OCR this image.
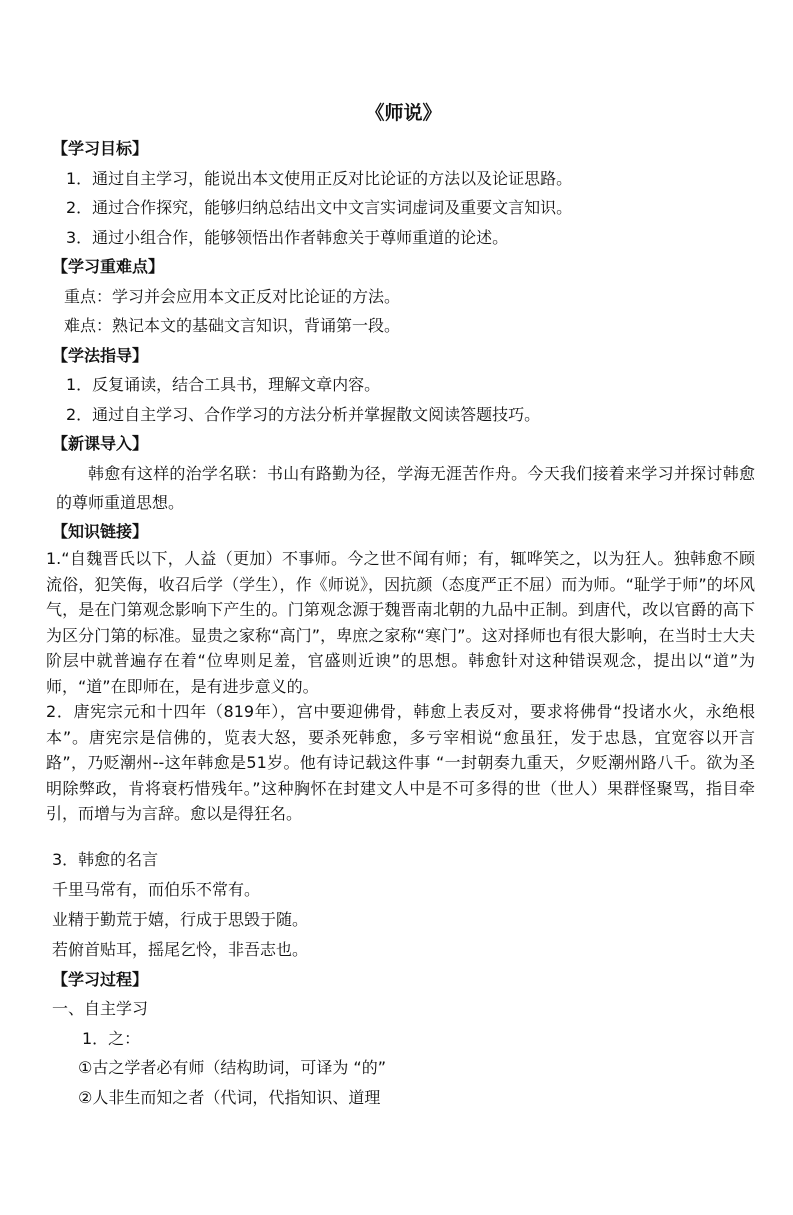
《师说》
【学习目标】
1．通过自主学习，能说出本文使用正反对比论证的方法以及论证思路。
2．通过合作探究，能够归纳总结出文中文言实词虚词及重要文言知识。
3．通过小组合作，能够领悟出作者韩愈关于尊师重道的论述。
【学习重难点】
重点：学习并会应用本文正反对比论证的方法。
难点：熟记本文的基础文言知识，背诵第一段。
【学法指导】
1．反复诵读，结合工具书，理解文章内容。
2．通过自主学习、合作学习的方法分析并掌握散文阅读答题技巧。
【新课导入】

韩愈有这样的治学名联：书山有路勤为径，学海无涯苦作舟。今天我们接着来学习并探讨韩愈的尊师重道思想。

【知识链接】

1.“自魏晋氏以下，人益（更加）不事师。今之世不闻有师；有，辄哗笑之，以为狂人。独韩愈不顾流俗，犯笑侮，收召后学（学生），作《师说》，因抗颜（态度严正不屈）而为师。“耻学于师”的坏风气，是在门第观念影响下产生的。门第观念源于魏晋南北朝的九品中正制。到唐代，改以官爵的高下为区分门第的标准。显贵之家称“高门”，卑庶之家称“寒门”。这对择师也有很大影响，在当时士大夫阶层中就普遍存在着“位卑则足羞，官盛则近谀”的思想。韩愈针对这种错误观念，提出以“道”为师，“道”在即师在，是有进步意义的。

2．唐宪宗元和十四年（819年），宫中要迎佛骨，韩愈上表反对，要求将佛骨“投诸水火，永绝根本”。唐宪宗是信佛的，览表大怒，要杀死韩愈，多亏宰相说“愈虽狂，发于忠恳，宜宽容以开言路”，乃贬潮州--这年韩愈是51岁。他有诗记载这件事 “一封朝奏九重天，夕贬潮州路八千。欲为圣明除弊政，肯将衰朽惜残年。”这种胸怀在封建文人中是不可多得的世（世人）果群怪聚骂，指目牵引，而增与为言辞。愈以是得狂名。

3．韩愈的名言
千里马常有，而伯乐不常有。
业精于勤荒于嬉，行成于思毁于随。
若俯首贴耳，摇尾乞怜，非吾志也。
【学习过程】
一、自主学习
1．之：
①古之学者必有师（结构助词，可译为 “的”
②人非生而知之者（代词，代指知识、道理
